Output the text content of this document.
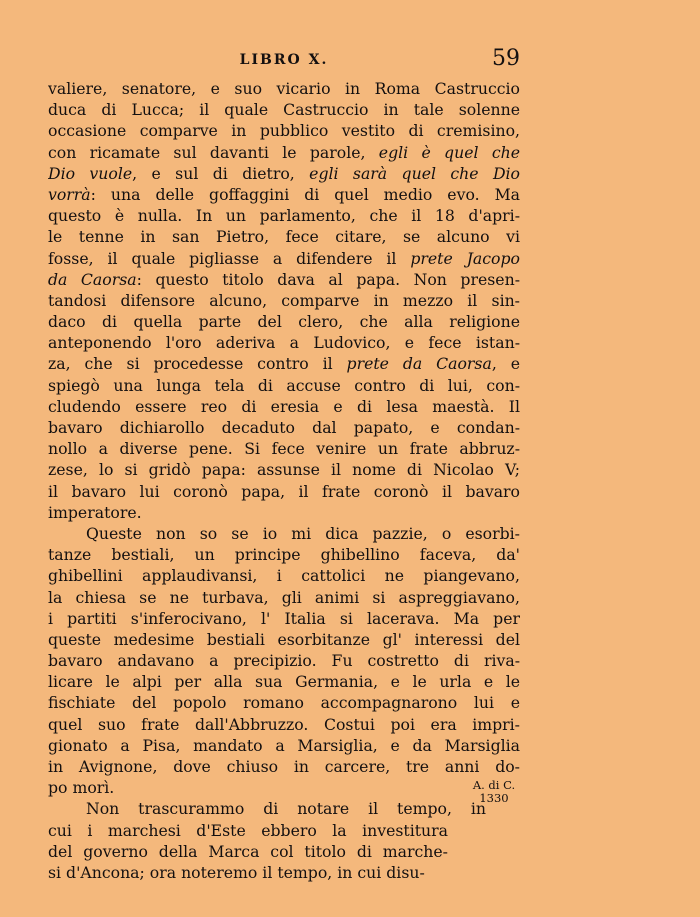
LIBRO X.	59
valiere, senatore, e suo vicario in Roma Castruccio
duca di Lucca; il quale Castruccio in tale solenne
occasione comparve in pubblico vestito di cremisino,
con ricamate sul davanti le parole, egli è quel che
Dio vuole, e sul di dietro, egli sarà quel che Dio
vorrà: una delle goffaggini di quel medio evo. Ma
questo è nulla. In un parlamento, che il 18 d'apri-
le tenne in san Pietro, fece citare, se alcuno vi
fosse, il quale pigliasse a difendere il prete Jacopo
da Caorsa: questo titolo dava al papa. Non presen-
tandosi difensore alcuno, comparve in mezzo il sin-
daco di quella parte del clero, che alla religione
anteponendo l'oro aderiva a Ludovico, e fece istan-
za, che si procedesse contro il prete da Caorsa, e
spiegò una lunga tela di accuse contro di lui, con-
cludendo essere reo di eresia e di lesa maestà. Il
bavaro dichiarollo decaduto dal papato, e condan-
nollo a diverse pene. Si fece venire un frate abbruz-
zese, lo si gridò papa: assunse il nome di Nicolao V;
il bavaro lui coronò papa, il frate coronò il bavaro
imperatore.
Queste non so se io mi dica pazzie, o esorbi-
tanze bestiali, un principe ghibellino faceva, da'
ghibellini applaudivansi, i cattolici ne piangevano,
la chiesa se ne turbava, gli animi si aspreggiavano,
i partiti s'inferocivano, l' Italia si lacerava. Ma per
queste medesime bestiali esorbitanze gl' interessi del
bavaro andavano a precipizio. Fu costretto di riva-
licare le alpi per alla sua Germania, e le urla e le
fischiate del popolo romano accompagnarono lui e
quel suo frate dall'Abbruzzo. Costui poi era impri-
gionato a Pisa, mandato a Marsiglia, e da Marsiglia
in Avignone, dove chiuso in carcere, tre anni do-
po morì.
Non trascurammo di notare il tempo, in
cui i marchesi d'Este ebbero la investitura
del governo della Marca col titolo di marche-
si d'Ancona; ora noteremo il tempo, in cui disu-
A. di C.
1330
